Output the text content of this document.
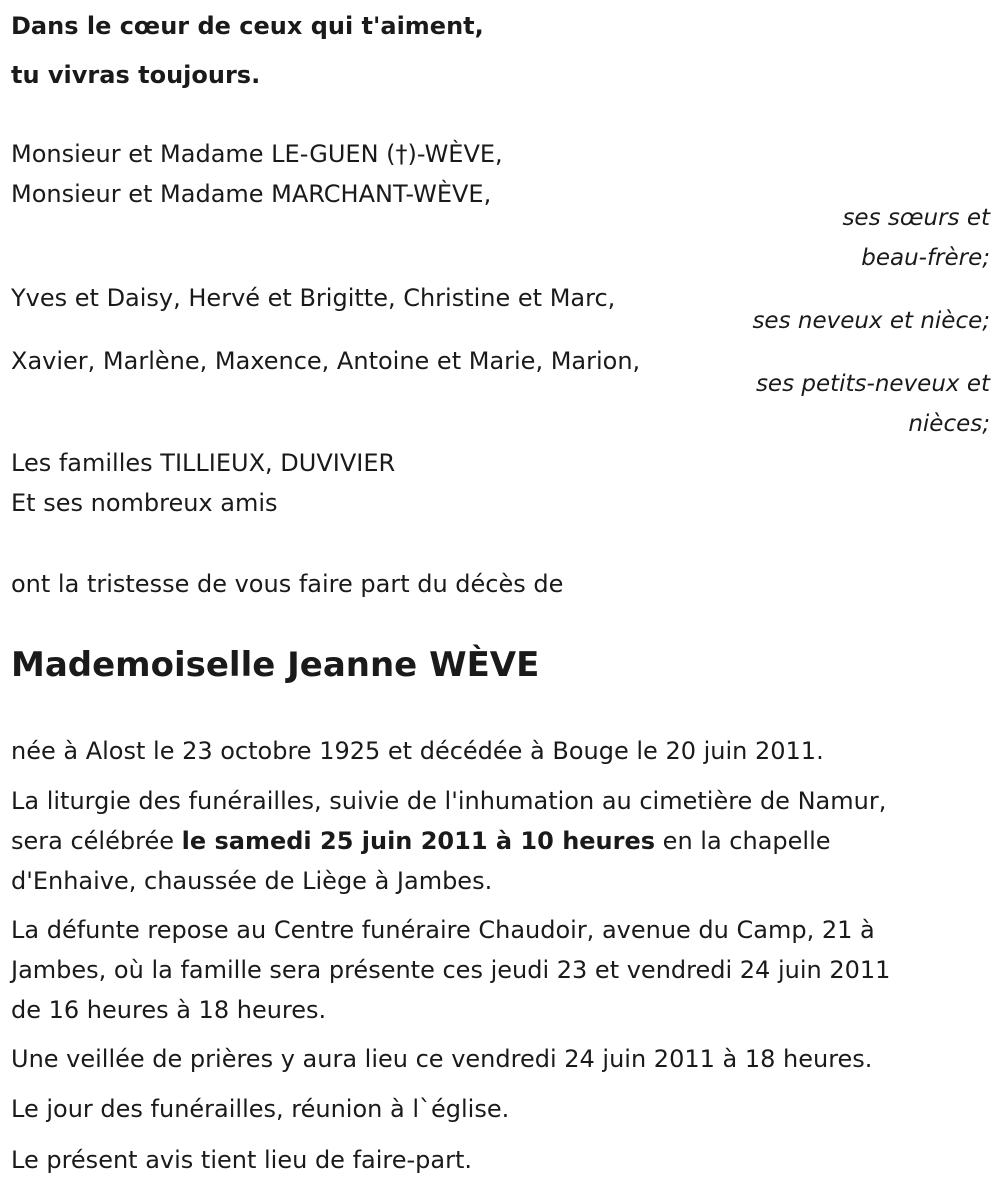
Dans le cœur de ceux qui t'aiment,
tu vivras toujours.
Monsieur et Madame LE-GUEN (†)-WÈVE,
Monsieur et Madame MARCHANT-WÈVE,
ses sœurs et
beau-frère;
Yves et Daisy, Hervé et Brigitte, Christine et Marc,
ses neveux et nièce;
Xavier, Marlène, Maxence, Antoine et Marie, Marion,
ses petits-neveux et
nièces;
Les familles TILLIEUX, DUVIVIER
Et ses nombreux amis
ont la tristesse de vous faire part du décès de
Mademoiselle Jeanne WÈVE
née à Alost le 23 octobre 1925 et décédée à Bouge le 20 juin 2011.
La liturgie des funérailles, suivie de l'inhumation au cimetière de Namur,
sera célébrée le samedi 25 juin 2011 à 10 heures en la chapelle
d'Enhaive, chaussée de Liège à Jambes.
La défunte repose au Centre funéraire Chaudoir, avenue du Camp, 21 à
Jambes, où la famille sera présente ces jeudi 23 et vendredi 24 juin 2011
de 16 heures à 18 heures.
Une veillée de prières y aura lieu ce vendredi 24 juin 2011 à 18 heures.
Le jour des funérailles, réunion à l`église.
Le présent avis tient lieu de faire-part.
